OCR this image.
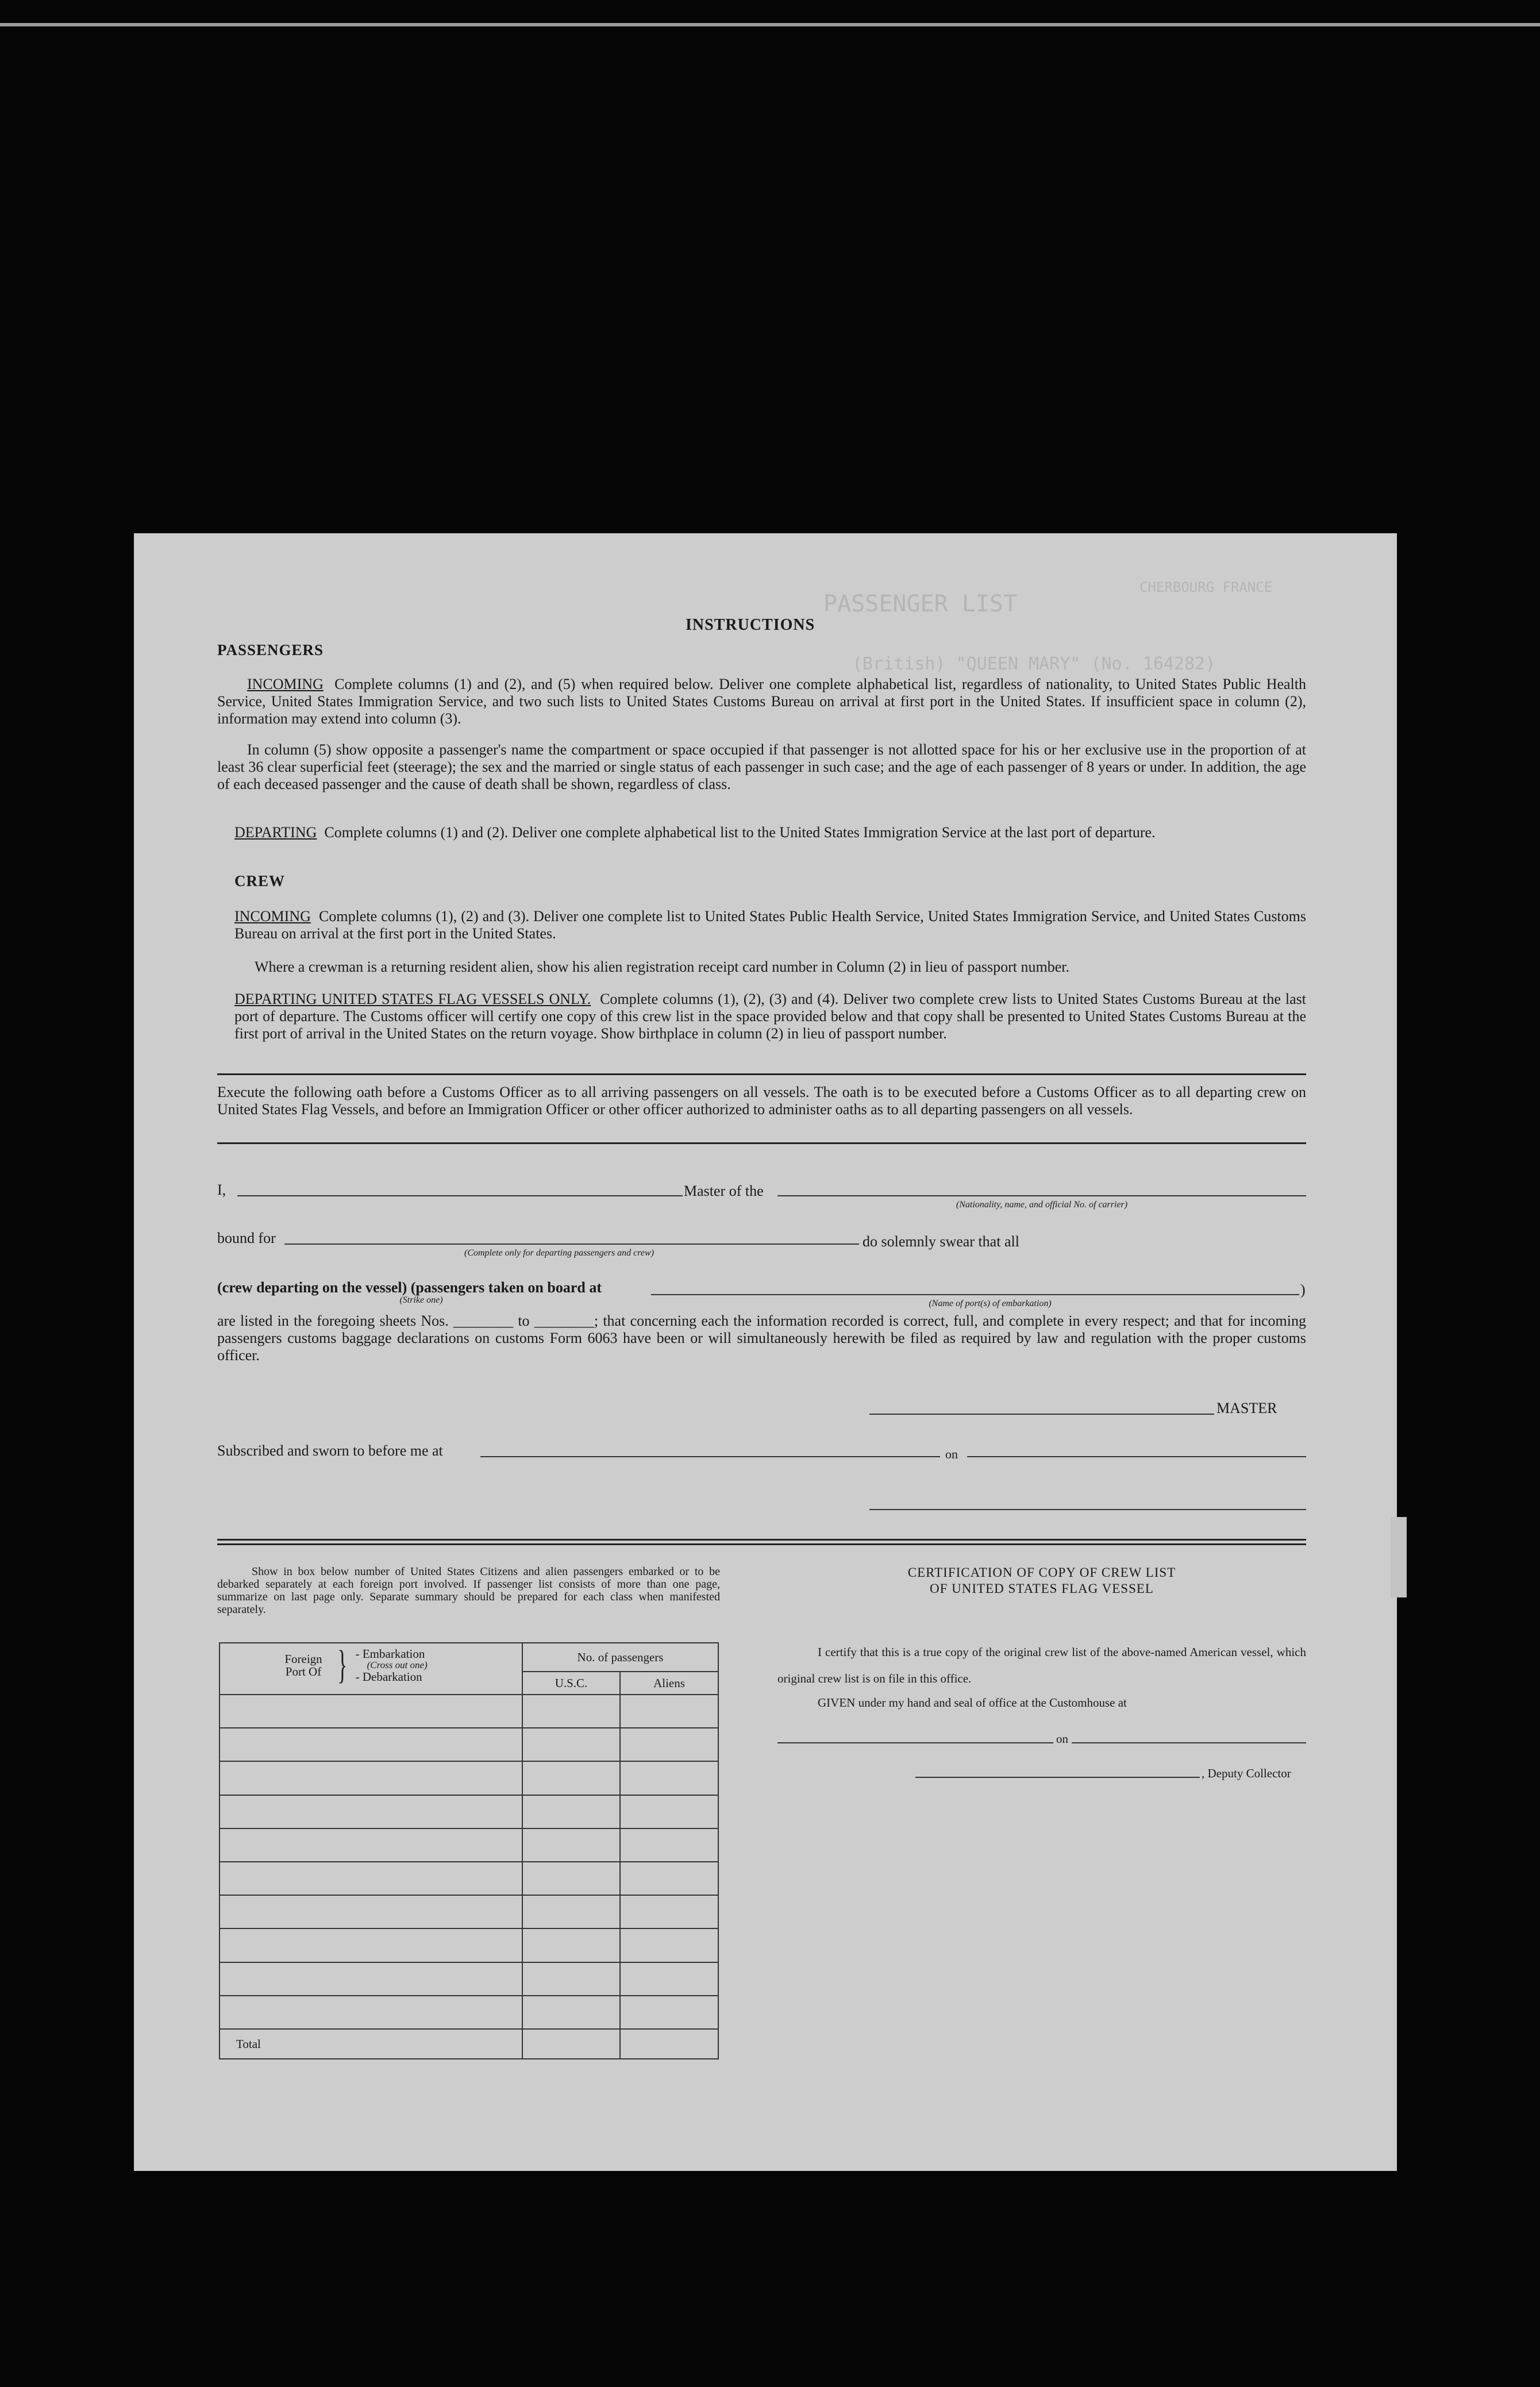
PASSENGER LIST
(British) "QUEEN MARY" (No. 164282)
CHERBOURG FRANCE
INSTRUCTIONS
PASSENGERS
INCOMING Complete columns (1) and (2), and (5) when required below. Deliver one complete alphabetical list, regardless of nationality, to United States Public Health Service, United States Immigration Service, and two such lists to United States Customs Bureau on arrival at first port in the United States. If insufficient space in column (2), information may extend into column (3).
In column (5) show opposite a passenger's name the compartment or space occupied if that passenger is not allotted space for his or her exclusive use in the proportion of at least 36 clear superficial feet (steerage); the sex and the married or single status of each passenger in such case; and the age of each passenger of 8 years or under. In addition, the age of each deceased passenger and the cause of death shall be shown, regardless of class.
DEPARTING Complete columns (1) and (2). Deliver one complete alphabetical list to the United States Immigration Service at the last port of departure.
CREW
INCOMING Complete columns (1), (2) and (3). Deliver one complete list to United States Public Health Service, United States Immigration Service, and United States Customs Bureau on arrival at the first port in the United States.
Where a crewman is a returning resident alien, show his alien registration receipt card number in Column (2) in lieu of passport number.
DEPARTING UNITED STATES FLAG VESSELS ONLY. Complete columns (1), (2), (3) and (4). Deliver two complete crew lists to United States Customs Bureau at the last port of departure. The Customs officer will certify one copy of this crew list in the space provided below and that copy shall be presented to United States Customs Bureau at the first port of arrival in the United States on the return voyage. Show birthplace in column (2) in lieu of passport number.
Execute the following oath before a Customs Officer as to all arriving passengers on all vessels. The oath is to be executed before a Customs Officer as to all departing crew on United States Flag Vessels, and before an Immigration Officer or other officer authorized to administer oaths as to all departing passengers on all vessels.
I,	Master of the
(Nationality, name, and official No. of carrier)
bound for
(Complete only for departing passengers and crew)
do solemnly swear that all
(crew departing on the vessel) (passengers taken on board at
(Strike one)
)
(Name of port(s) of embarkation)
are listed in the foregoing sheets Nos. ________ to ________; that concerning each the information recorded is correct, full, and complete in every respect; and that for incoming passengers customs baggage declarations on customs Form 6063 have been or will simultaneously herewith be filed as required by law and regulation with the proper customs officer.
MASTER
Subscribed and sworn to before me at	on
Show in box below number of United States Citizens and alien passengers embarked or to be debarked separately at each foreign port involved. If passenger list consists of more than one page, summarize on last page only. Separate summary should be prepared for each class when manifested separately.
Foreign Port Of } - Embarkation
(Cross out one)
- Debarkation	No. of passengers	
	U.S.C.	Aliens

Total		
CERTIFICATION OF COPY OF CREW LIST
OF UNITED STATES FLAG VESSEL
I certify that this is a true copy of the original crew list of the above-named American vessel, which original crew list is on file in this office.
GIVEN under my hand and seal of office at the Customhouse at
on
, Deputy Collector
